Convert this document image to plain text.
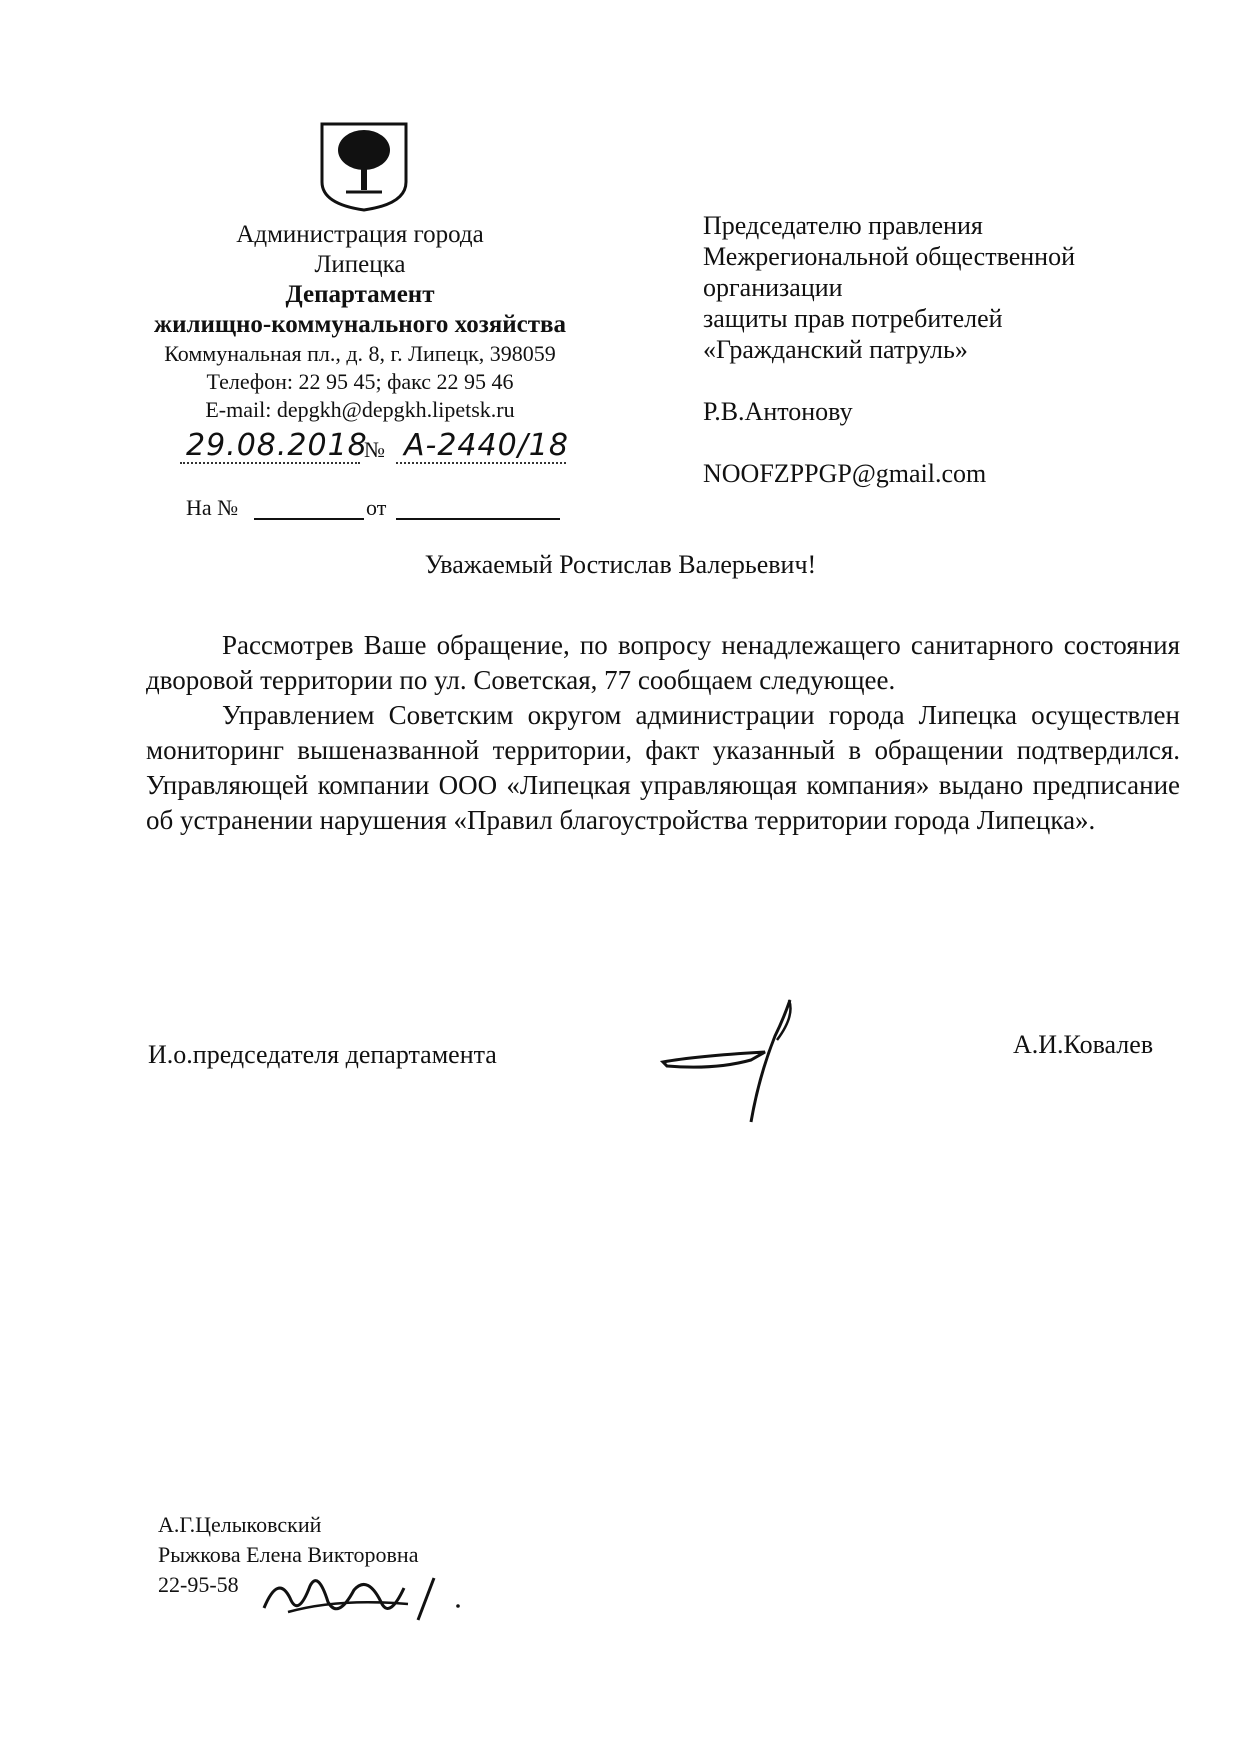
Администрация города
Липецка
Департамент
жилищно-коммунального хозяйства
Коммунальная пл., д. 8, г. Липецк, 398059
Телефон: 22 95 45; факс 22 95 46
E-mail: depgkh@depgkh.lipetsk.ru
29.08.2018
№ А-2440/18
На №	от
Председателю правления
Межрегиональной общественной
организации
защиты прав потребителей
«Гражданский патруль»
Р.В.Антонову
NOOFZPPGP@gmail.com
Уважаемый Ростислав Валерьевич!

Рассмотрев Ваше обращение, по вопросу ненадлежащего санитарного состояния дворовой территории по ул. Советская, 77 сообщаем следующее.

Управлением Советским округом администрации города Липецка осуществлен мониторинг вышеназванной территории, факт указанный в обращении подтвердился. Управляющей компании ООО «Липецкая управляющая компания» выдано предписание об устранении нарушения «Правил благоустройства территории города Липецка».

И.о.председателя департамента	А.И.Ковалев
А.Г.Целыковский
Рыжкова Елена Викторовна
22-95-58
